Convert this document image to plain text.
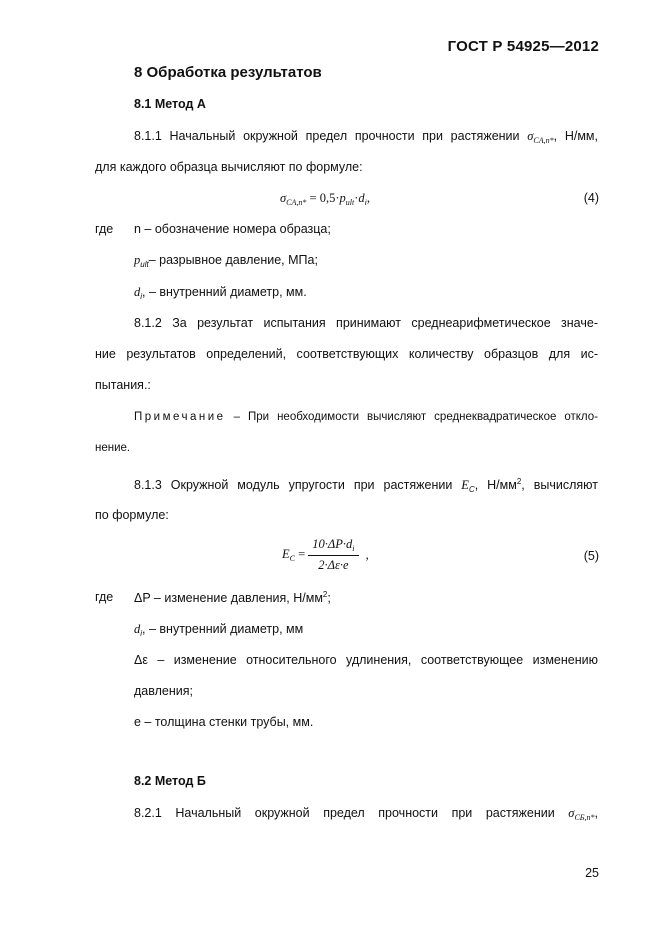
ГОСТ Р 54925—2012
8 Обработка результатов
8.1 Метод А
8.1.1 Начальный окружной предел прочности при растяжении $\sigma_{CA,n*}$, Н/мм,
для каждого образца вычисляют по формуле:
$\sigma_{CA,n*} = 0,5\cdot p_{ult}\cdot d_i$,	(4)
где n – обозначение номера образца;
$p_{ult}-$ разрывное давление, МПа;
$d_i$, – внутренний диаметр, мм.
8.1.2 За результат испытания принимают среднеарифметическое значе-
ние результатов определений, соответствующих количеству образцов для ис-
пытания.:
Примечание – При необходимости вычисляют среднеквадратическое откло-
нение.
8.1.3 Окружной модуль упругости при растяжении $E_C$, $Н/мм^2$, вычисляют
по формуле:
$E_C = \frac{10\cdot\Delta P\cdot d_i}{2\cdot\Delta\varepsilon\cdot e}$ ,	(5)
где ΔP – изменение давления, $Н/мм^2$;
$d_i$, – внутренний диаметр, мм
Δε – изменение относительного удлинения, соответствующее изменению
давления;
e – толщина стенки трубы, мм.
8.2 Метод Б
8.2.1 Начальный окружной предел прочности при растяжении $\sigma_{CБ,n*}$,
25
